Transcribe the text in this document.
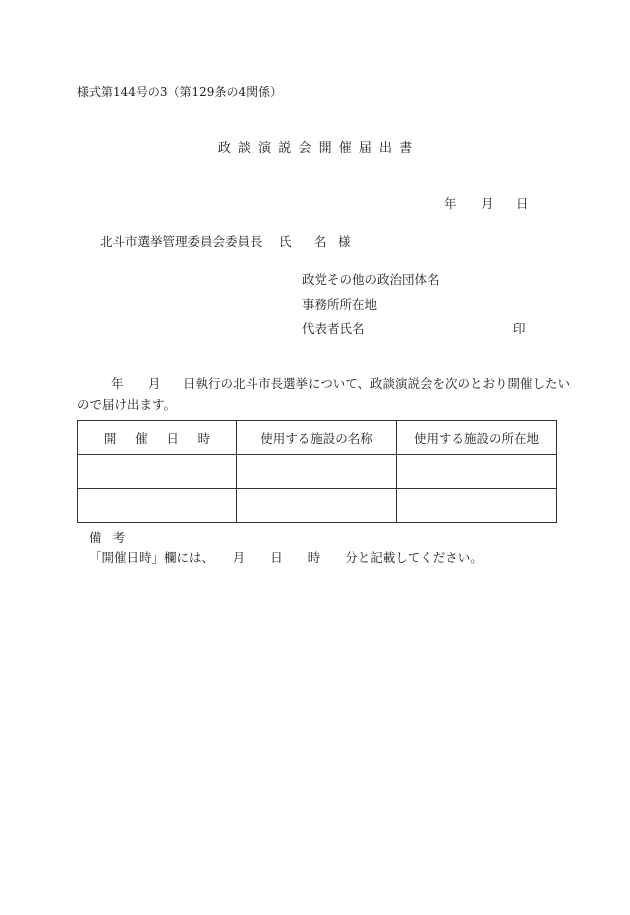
様式第144号の3（第129条の4関係）
政談演説会開催届出書
年 月 日
北斗市選挙管理委員会委員長 氏 名 様
政党その他の政治団体名
事務所所在地
代表者氏名	印
年 月 日執行の北斗市長選挙について、政談演説会を次のとおり開催したい
ので届け出ます。
開催日時	使用する施設の名称	使用する施設の所在地

備考
「開催日時」欄には、　　月　　日　　時　　分と記載してください。
